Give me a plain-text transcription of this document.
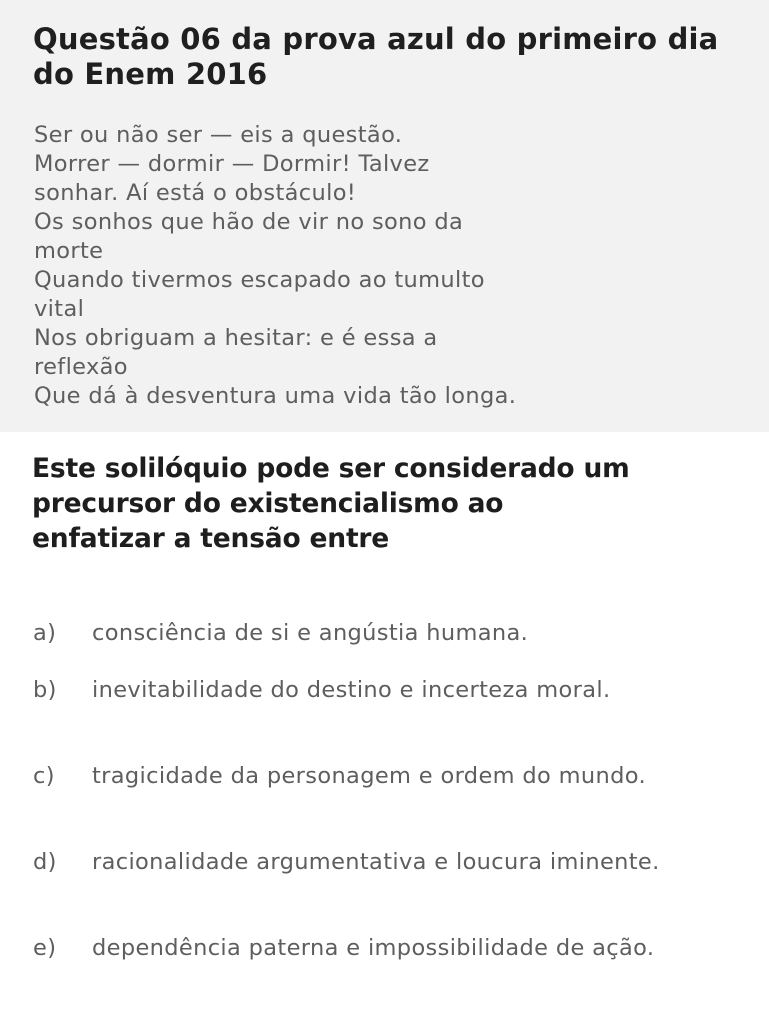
Questão 06 da prova azul do primeiro dia do Enem 2016
Ser ou não ser — eis a questão.
Morrer — dormir — Dormir! Talvez
sonhar. Aí está o obstáculo!
Os sonhos que hão de vir no sono da
morte
Quando tivermos escapado ao tumulto
vital
Nos obriguam a hesitar: e é essa a
reflexão
Que dá à desventura uma vida tão longa.

Este solilóquio pode ser considerado um precursor do existencialismo ao enfatizar a tensão entre

a)	consciência de si e angústia humana.
b)	inevitabilidade do destino e incerteza moral.
c)	tragicidade da personagem e ordem do mundo.
d)	racionalidade argumentativa e loucura iminente.
e)	dependência paterna e impossibilidade de ação.
